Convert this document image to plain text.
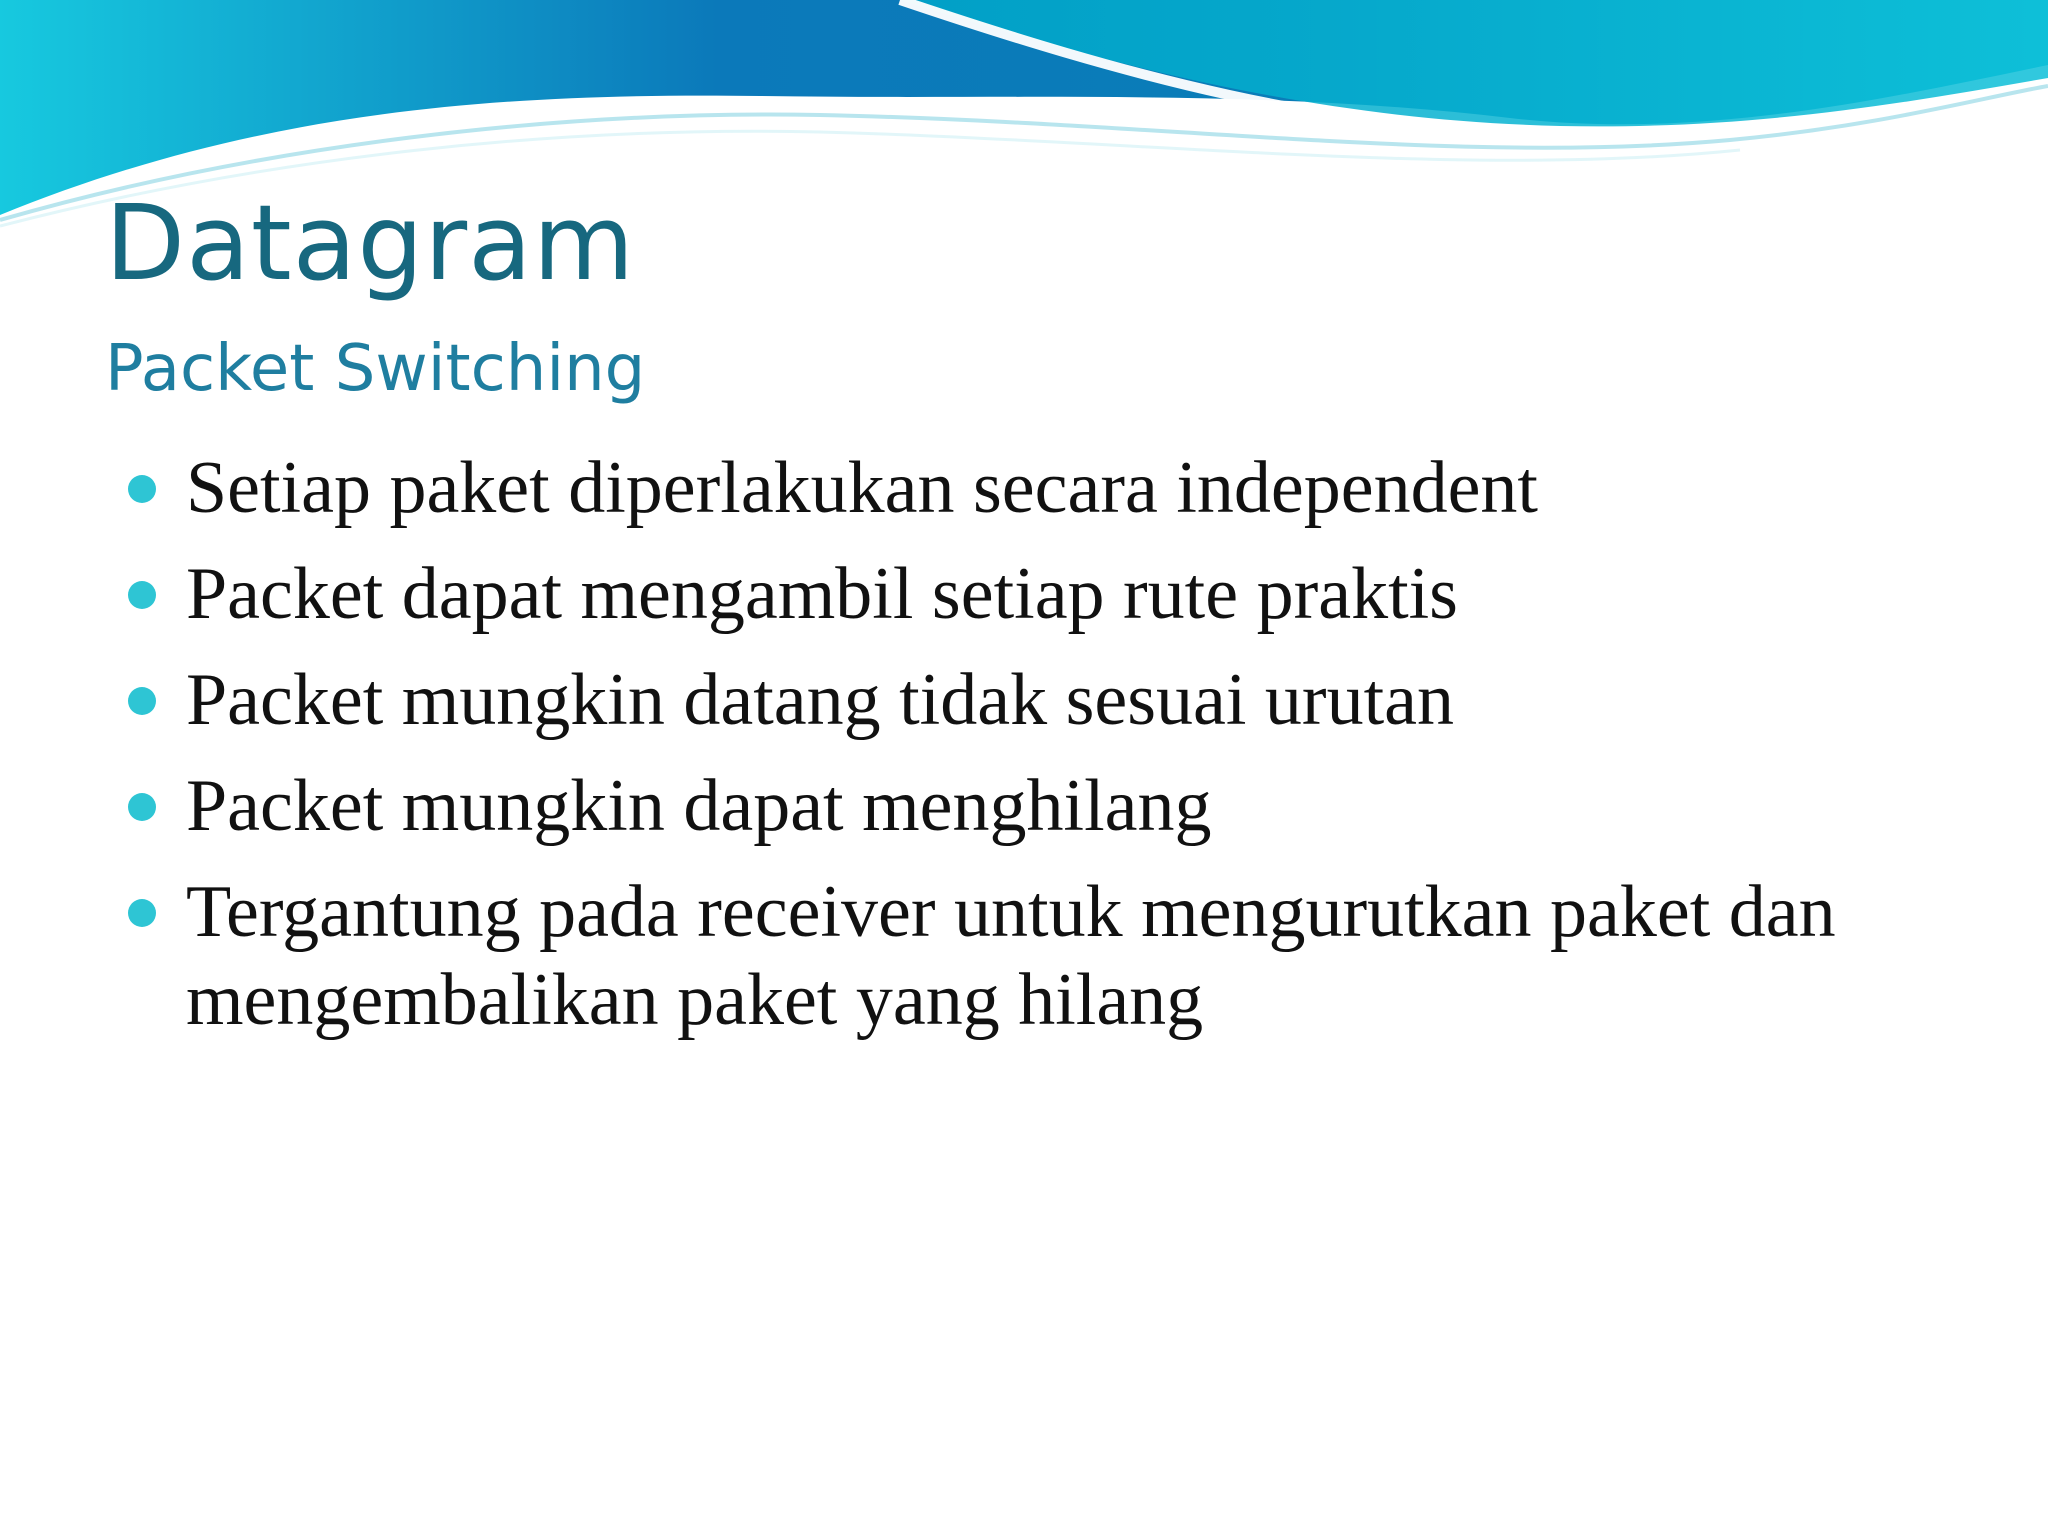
Datagram
Packet Switching
Setiap paket diperlakukan secara independent
Packet dapat mengambil setiap rute praktis
Packet mungkin datang tidak sesuai urutan
Packet mungkin dapat menghilang
Tergantung pada receiver untuk mengurutkan paket dan mengembalikan paket yang hilang
